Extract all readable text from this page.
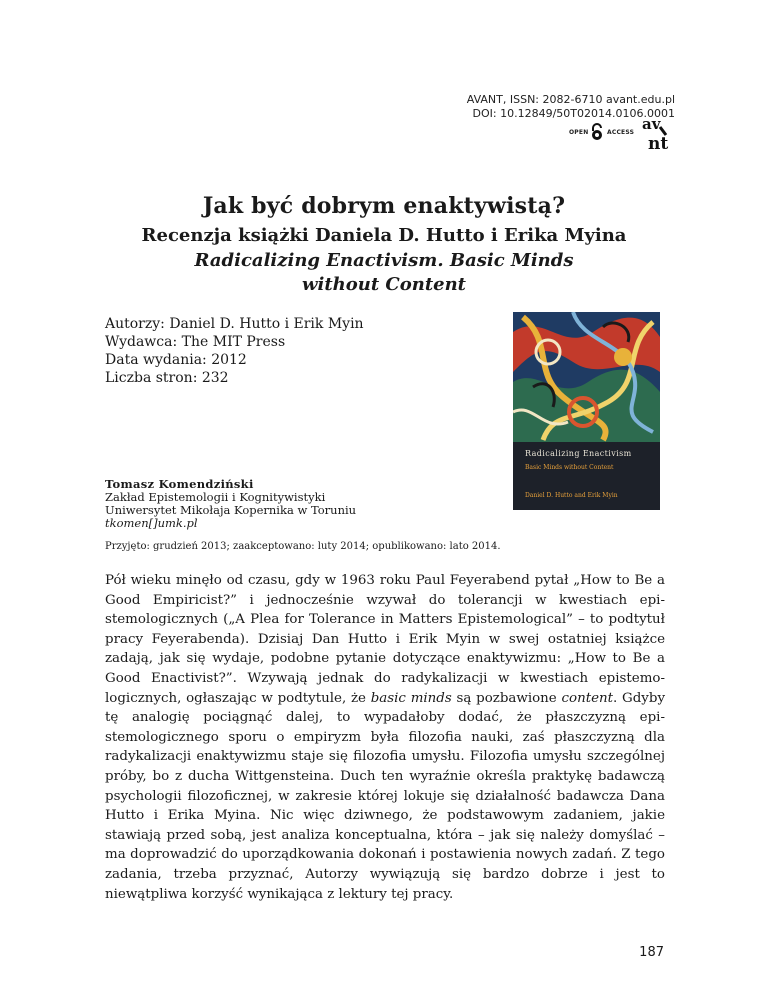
AVANT, ISSN: 2082-6710 avant.edu.pl
DOI: 10.12849/50T02014.0106.0001
OPEN	ACCESS av
nt
Jak być dobrym enaktywistą?
Recenzja książki Daniela D. Hutto i Erika Myina
Radicalizing Enactivism. Basic Minds
without Content
Autorzy: Daniel D. Hutto i Erik Myin
Wydawca: The MIT Press
Data wydania: 2012
Liczba stron: 232
Radicalizing Enactivism
Basic Minds without Content
Daniel D. Hutto and Erik Myin
Tomasz Komendziński
Zakład Epistemologii i Kognitywistyki
Uniwersytet Mikołaja Kopernika w Toruniu
tkomen[]umk.pl
Przyjęto: grudzień 2013; zaakceptowano: luty 2014; opublikowano: lato 2014.
Pół wieku minęło od czasu, gdy w 1963 roku Paul Feyerabend pytał „How to Be a Good Empiricist?” i jednocześnie wzywał do tolerancji w kwestiach epistemologicznych („A Plea for Tolerance in Matters Epistemological” – to podtytuł pracy Feyerabenda). Dzisiaj Dan Hutto i Erik Myin w swej ostatniej książce zadają, jak się wydaje, podobne pytanie dotyczące enaktywizmu: „How to Be a Good Enactivist?”. Wzywają jednak do radykalizacji w kwestiach epistemologicznych, ogłaszając w podtytule, że basic minds są pozbawione content. Gdyby tę analogię pociągnąć dalej, to wypadałoby dodać, że płaszczyzną epistemologicznego sporu o empiryzm była filozofia nauki, zaś płaszczyzną dla radykalizacji enaktywizmu staje się filozofia umysłu. Filozofia umysłu szczególnej próby, bo z ducha Wittgensteina. Duch ten wyraźnie określa praktykę badawczą psychologii filozoficznej, w zakresie której lokuje się działalność badawcza Dana Hutto i Erika Myina. Nic więc dziwnego, że podstawowym zadaniem, jakie stawiają przed sobą, jest analiza konceptualna, która – jak się należy domyślać – ma doprowadzić do uporządkowania dokonań i postawienia nowych zadań. Z tego zadania, trzeba przyznać, Autorzy wywiązują się bardzo dobrze i jest to niewątpliwa korzyść wynikająca z lektury tej pracy.
187
